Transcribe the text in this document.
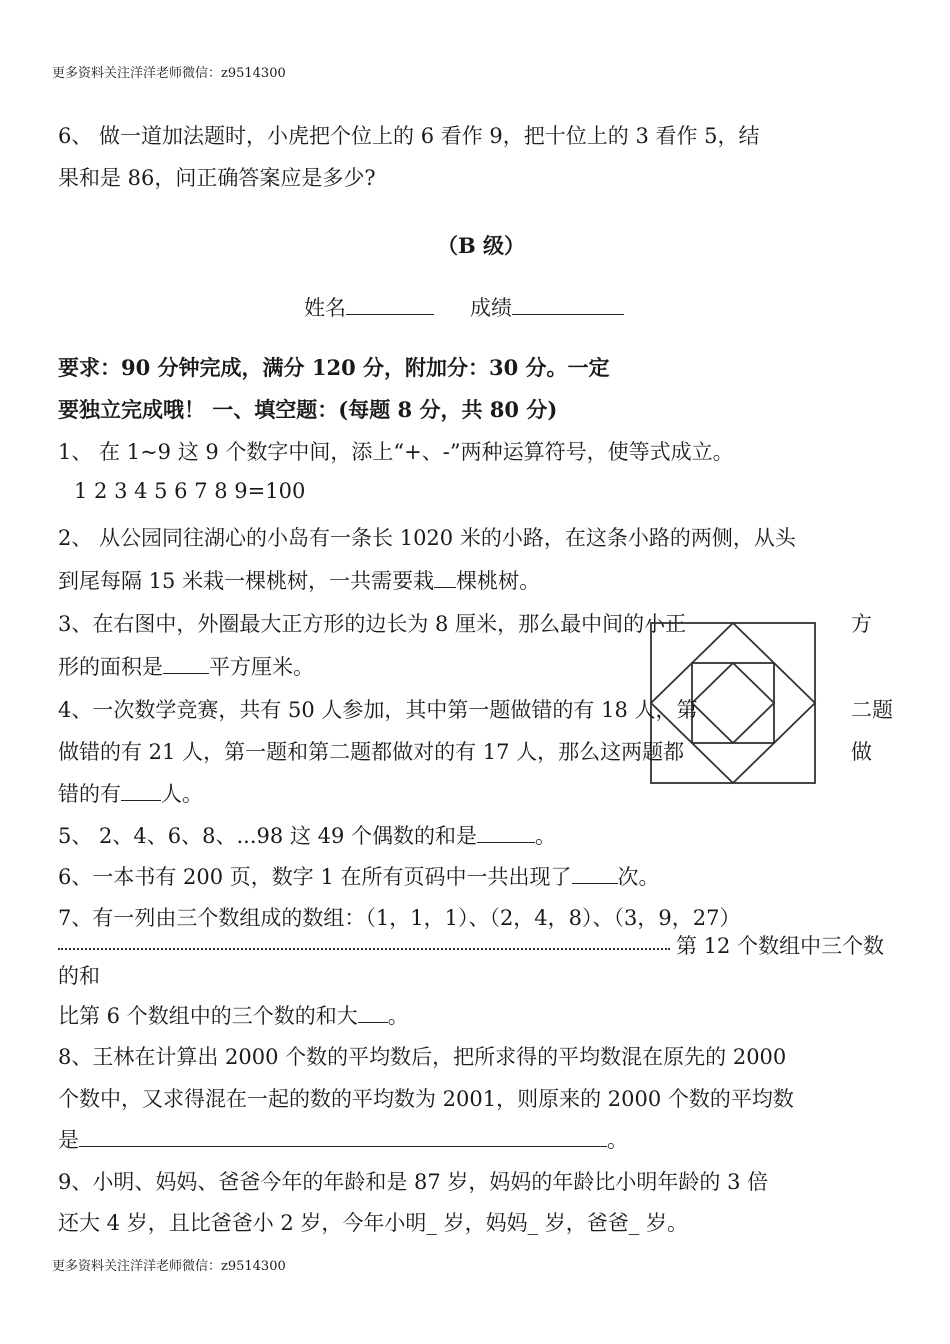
更多资料关注洋洋老师微信：z9514300
6、 做一道加法题时，小虎把个位上的 6 看作 9，把十位上的 3 看作 5，结
果和是 86，问正确答案应是多少?
（B 级）
姓名	成绩
要求：90 分钟完成，满分 120 分，附加分：30 分。一定
要独立完成哦！ 一、填空题：(每题 8 分，共 80 分)
1、 在 1~9 这 9 个数字中间，添上“+、-”两种运算符号，使等式成立。
1 2 3 4 5 6 7 8 9=100
2、 从公园同往湖心的小岛有一条长 1020 米的小路，在这条小路的两侧，从头
到尾每隔 15 米栽一棵桃树，一共需要栽 棵桃树。
3、在右图中，外圈最大正方形的边长为 8 厘米，那么最中间的小正	方
形的面积是 平方厘米。
4、一次数学竞赛，共有 50 人参加，其中第一题做错的有 18 人，第	二题
做错的有 21 人，第一题和第二题都做对的有 17 人，那么这两题都	做
错的有 人。
5、 2、4、6、8、...98 这 49 个偶数的和是	。
6、一本书有 200 页，数字 1 在所有页码中一共出现了 次。
7、有一列由三个数组成的数组：（1，1，1）、（2，4，8）、（3，9，27）
第 12 个数组中三个数
的和
比第 6 个数组中的三个数的和大 。
8、王林在计算出 2000 个数的平均数后，把所求得的平均数混在原先的 2000
个数中，又求得混在一起的数的平均数为 2001，则原来的 2000 个数的平均数
是	。
9、小明、妈妈、爸爸今年的年龄和是 87 岁，妈妈的年龄比小明年龄的 3 倍
还大 4 岁，且比爸爸小 2 岁，今年小明_ 岁，妈妈_ 岁，爸爸_ 岁。
更多资料关注洋洋老师微信：z9514300
